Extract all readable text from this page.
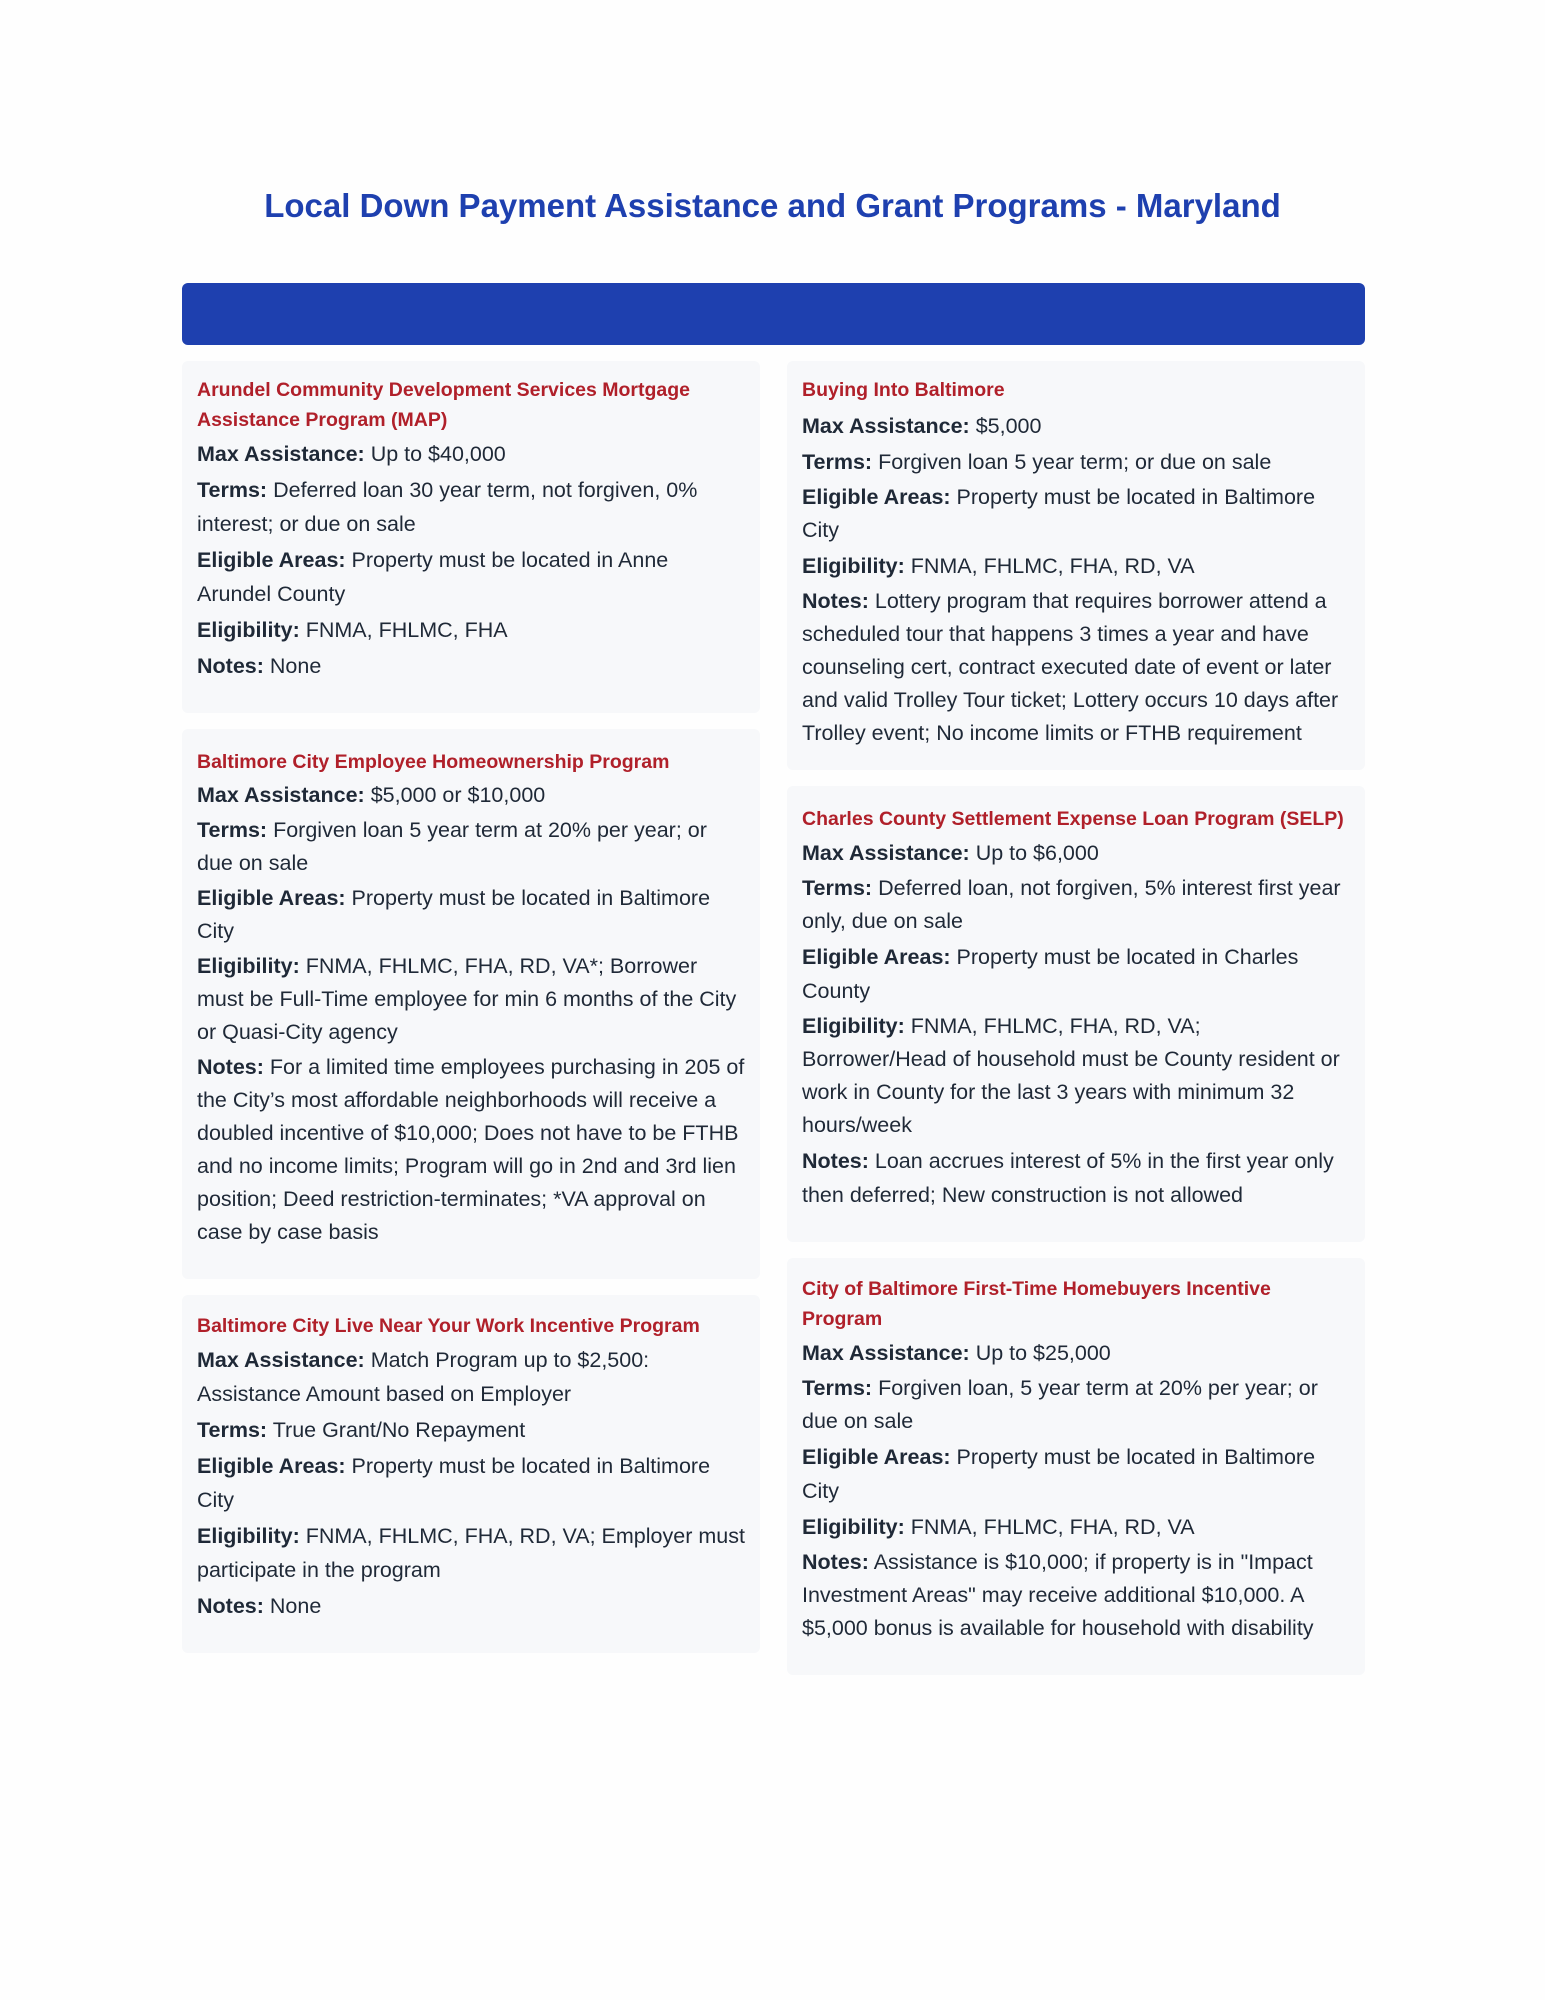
Local Down Payment Assistance and Grant Programs - Maryland
Arundel Community Development Services Mortgage Assistance Program (MAP)
Max Assistance: Up to $40,000
Terms: Deferred loan 30 year term, not forgiven, 0% interest; or due on sale
Eligible Areas: Property must be located in Anne Arundel County
Eligibility: FNMA, FHLMC, FHA
Notes: None
Baltimore City Employee Homeownership Program
Max Assistance: $5,000 or $10,000
Terms: Forgiven loan 5 year term at 20% per year; or due on sale
Eligible Areas: Property must be located in Baltimore City
Eligibility: FNMA, FHLMC, FHA, RD, VA*; Borrower must be Full-Time employee for min 6 months of the City or Quasi-City agency
Notes: For a limited time employees purchasing in 205 of the City’s most affordable neighborhoods will receive a doubled incentive of $10,000; Does not have to be FTHB and no income limits; Program will go in 2nd and 3rd lien position; Deed restriction-terminates; *VA approval on case by case basis
Baltimore City Live Near Your Work Incentive Program
Max Assistance: Match Program up to $2,500: Assistance Amount based on Employer
Terms: True Grant/No Repayment
Eligible Areas: Property must be located in Baltimore City
Eligibility: FNMA, FHLMC, FHA, RD, VA; Employer must participate in the program
Notes: None
Buying Into Baltimore
Max Assistance: $5,000
Terms: Forgiven loan 5 year term; or due on sale
Eligible Areas: Property must be located in Baltimore City
Eligibility: FNMA, FHLMC, FHA, RD, VA
Notes: Lottery program that requires borrower attend a scheduled tour that happens 3 times a year and have counseling cert, contract executed date of event or later and valid Trolley Tour ticket; Lottery occurs 10 days after Trolley event; No income limits or FTHB requirement
Charles County Settlement Expense Loan Program (SELP)
Max Assistance: Up to $6,000
Terms: Deferred loan, not forgiven, 5% interest first year only, due on sale
Eligible Areas: Property must be located in Charles County
Eligibility: FNMA, FHLMC, FHA, RD, VA; Borrower/Head of household must be County resident or work in County for the last 3 years with minimum 32 hours/week
Notes: Loan accrues interest of 5% in the first year only then deferred; New construction is not allowed
City of Baltimore First-Time Homebuyers Incentive Program
Max Assistance: Up to $25,000
Terms: Forgiven loan, 5 year term at 20% per year; or due on sale
Eligible Areas: Property must be located in Baltimore City
Eligibility: FNMA, FHLMC, FHA, RD, VA
Notes: Assistance is $10,000; if property is in "Impact Investment Areas" may receive additional $10,000. A $5,000 bonus is available for household with disability
